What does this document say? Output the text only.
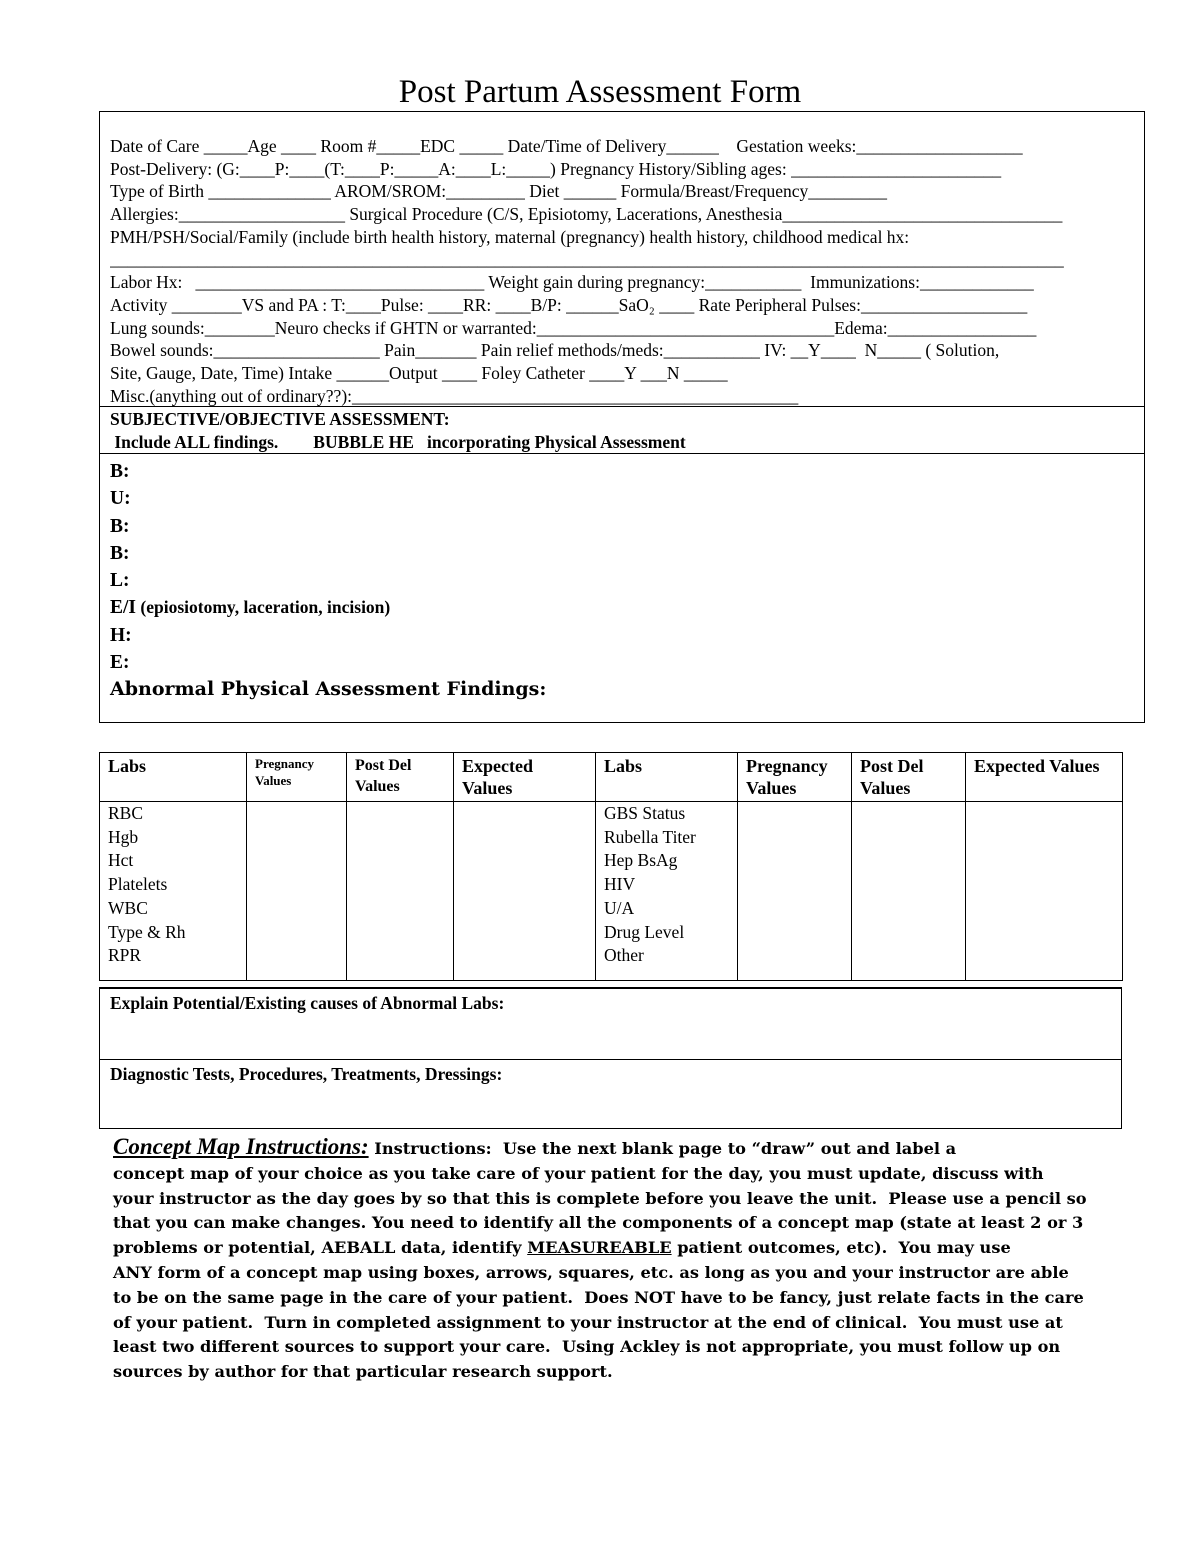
Post Partum Assessment Form
Date of Care _____Age ____ Room #_____EDC _____ Date/Time of Delivery______    Gestation weeks:___________________
Post-Delivery: (G:____P:____(T:____P:_____A:____L:_____) Pregnancy History/Sibling ages: ________________________
Type of Birth ______________ AROM/SROM:_________ Diet ______ Formula/Breast/Frequency_________
Allergies:___________________ Surgical Procedure (C/S, Episiotomy, Lacerations, Anesthesia________________________________
PMH/PSH/Social/Family (include birth health history, maternal (pregnancy) health history, childhood medical hx:
_____________________________________________________________________________________________________________
Labor Hx:   _________________________________ Weight gain during pregnancy:___________  Immunizations:_____________
Activity ________VS and PA : T:____Pulse: ____RR: ____B/P: ______SaO₂ ____ Rate Peripheral Pulses:___________________
Lung sounds:________Neuro checks if GHTN or warranted:__________________________________Edema:_________________
Bowel sounds:___________________ Pain_______ Pain relief methods/meds:___________ IV: __Y____  N_____ ( Solution,
Site, Gauge, Date, Time) Intake ______Output ____ Foley Catheter ____Y ___N _____
Misc.(anything out of ordinary??):___________________________________________________
SUBJECTIVE/OBJECTIVE ASSESSMENT:
Include ALL findings.        BUBBLE HE   incorporating Physical Assessment
B:
U:
B:
B:
L:
E/I (epiosiotomy, laceration, incision)
H:
E:
Abnormal Physical Assessment Findings:
Labs	Pregnancy Values	Post Del Values	Expected Values	Labs	Pregnancy Values	Post Del Values	Expected Values
RBC				GBS Status			
Hgb				Rubella Titer			
Hct				Hep BsAg			
Platelets				HIV			
WBC				U/A			
Type & Rh				Drug Level			
RPR				Other			
Explain Potential/Existing causes of Abnormal Labs:
Diagnostic Tests, Procedures, Treatments, Dressings:
Concept Map Instructions: Instructions:  Use the next blank page to “draw” out and label a
concept map of your choice as you take care of your patient for the day, you must update, discuss with
your instructor as the day goes by so that this is complete before you leave the unit.  Please use a pencil so
that you can make changes. You need to identify all the components of a concept map (state at least 2 or 3
problems or potential, AEBALL data, identify MEASUREABLE patient outcomes, etc).  You may use
ANY form of a concept map using boxes, arrows, squares, etc. as long as you and your instructor are able
to be on the same page in the care of your patient.  Does NOT have to be fancy, just relate facts in the care
of your patient.  Turn in completed assignment to your instructor at the end of clinical.  You must use at
least two different sources to support your care.  Using Ackley is not appropriate, you must follow up on
sources by author for that particular research support.
